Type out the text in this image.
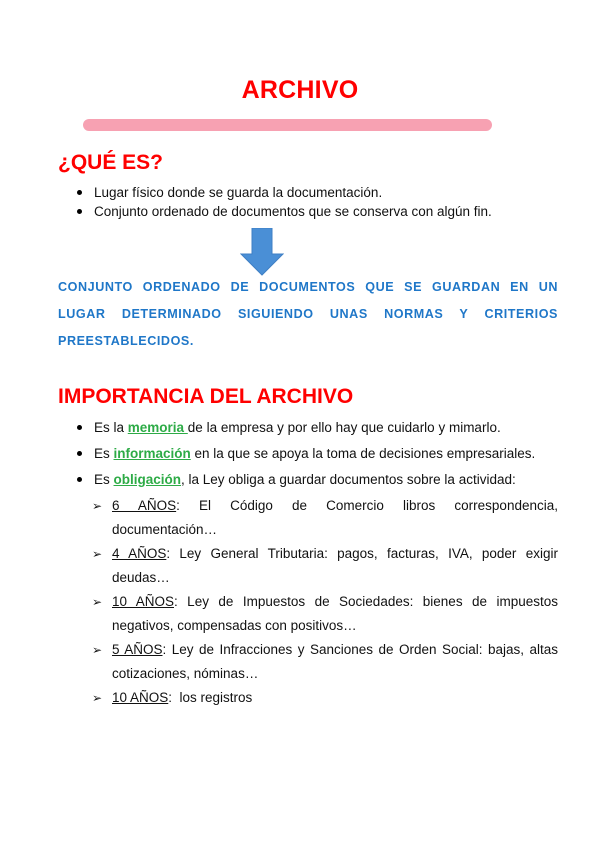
ARCHIVO
¿QUÉ ES?
Lugar físico donde se guarda la documentación.
Conjunto ordenado de documentos que se conserva con algún fin.
CONJUNTO ORDENADO DE DOCUMENTOS QUE SE GUARDAN EN UN LUGAR DETERMINADO SIGUIENDO UNAS NORMAS Y CRITERIOS PREESTABLECIDOS.
IMPORTANCIA DEL ARCHIVO
Es la memoria de la empresa y por ello hay que cuidarlo y mimarlo.
Es información en la que se apoya la toma de decisiones empresariales.
Es obligación, la Ley obliga a guardar documentos sobre la actividad:
➢ 6 AÑOS: El Código de Comercio libros correspondencia, documentación…
➢ 4 AÑOS: Ley General Tributaria: pagos, facturas, IVA, poder exigir deudas…
➢ 10 AÑOS: Ley de Impuestos de Sociedades: bienes de impuestos negativos, compensadas con positivos…
➢ 5 AÑOS: Ley de Infracciones y Sanciones de Orden Social: bajas, altas cotizaciones, nóminas…
➢ 10 AÑOS:  los registros
